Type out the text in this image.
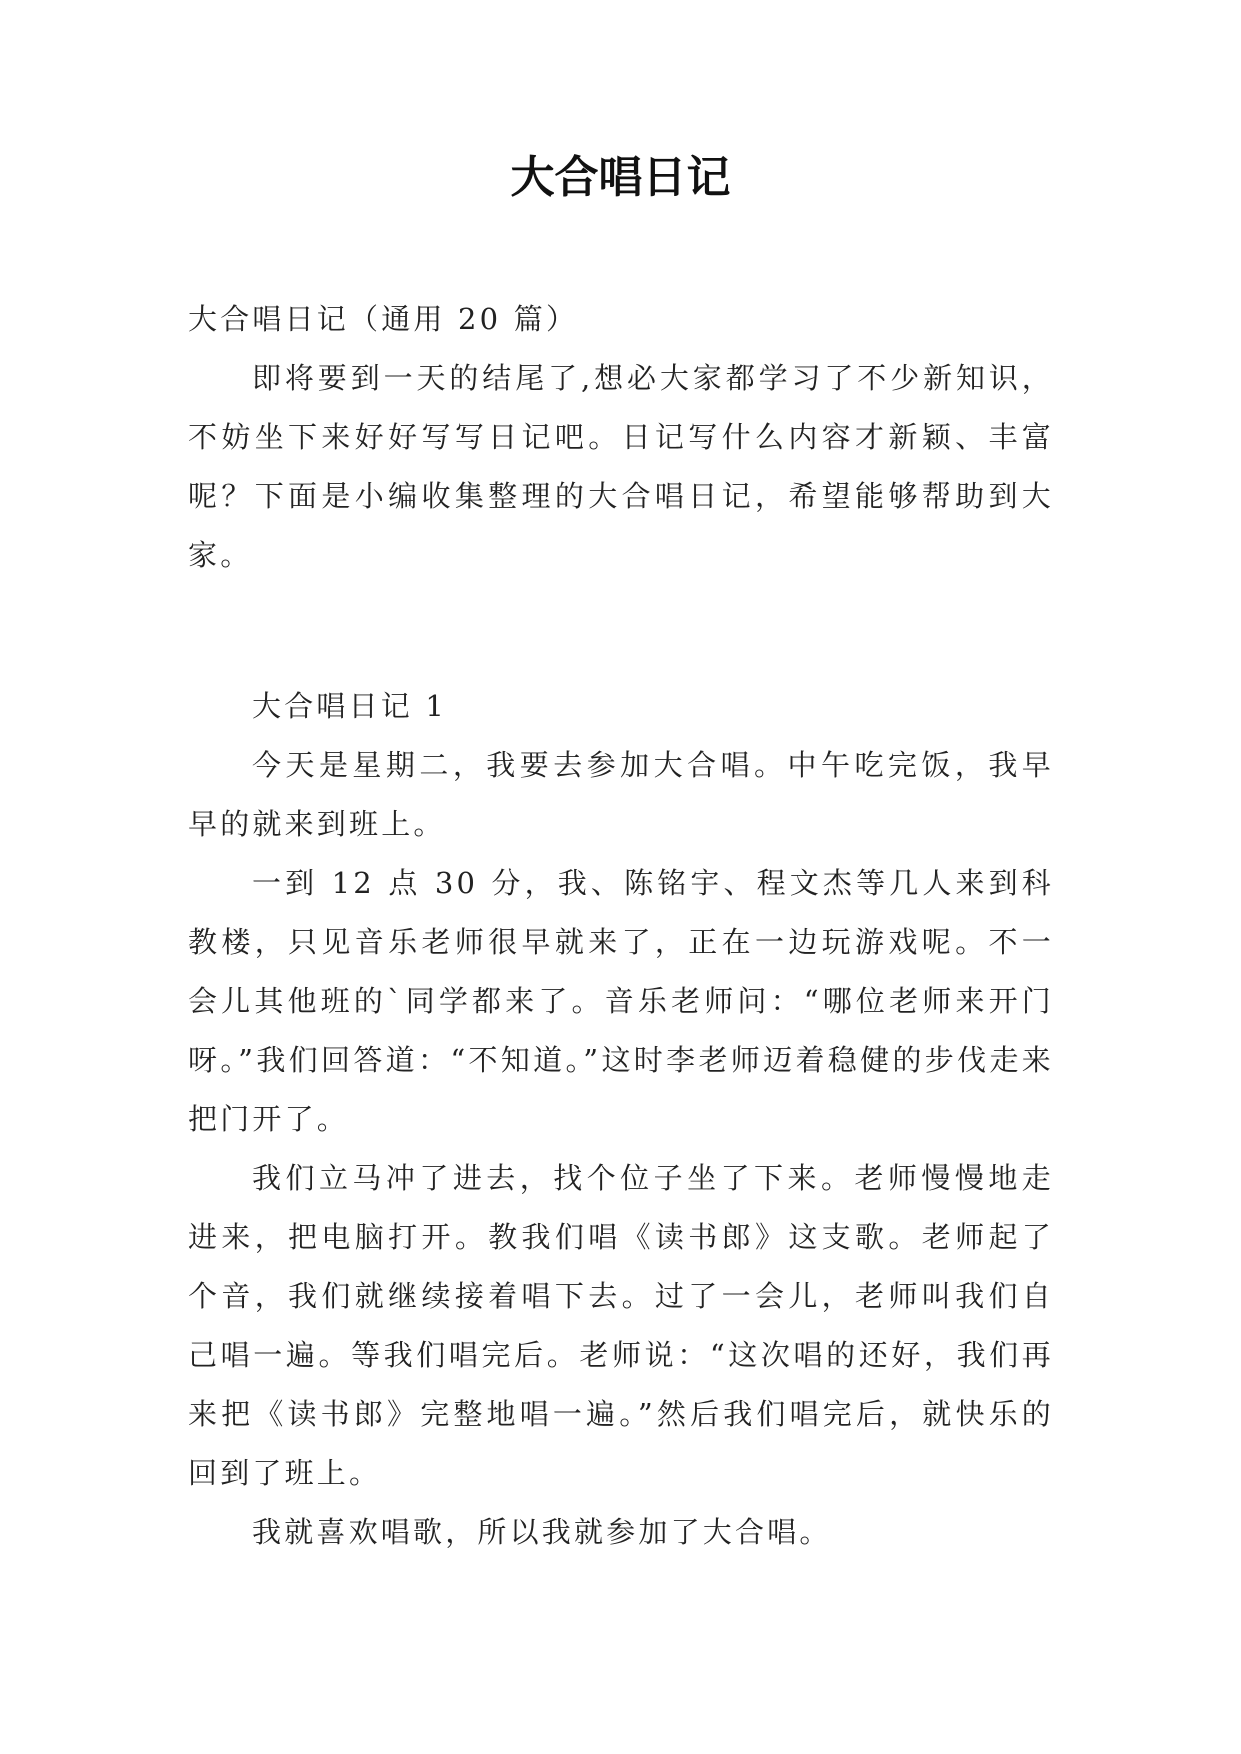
大合唱日记

大合唱日记（通用 20 篇）

即将要到一天的结尾了,想必大家都学习了不少新知识，不妨坐下来好好写写日记吧。日记写什么内容才新颖、丰富呢？下面是小编收集整理的大合唱日记，希望能够帮助到大家。

大合唱日记 1

今天是星期二，我要去参加大合唱。中午吃完饭，我早早的就来到班上。

一到 12 点 30 分，我、陈铭宇、程文杰等几人来到科教楼，只见音乐老师很早就来了，正在一边玩游戏呢。不一会儿其他班的`同学都来了。音乐老师问：“哪位老师来开门呀。”我们回答道：“不知道。”这时李老师迈着稳健的步伐走来把门开了。

我们立马冲了进去，找个位子坐了下来。老师慢慢地走进来，把电脑打开。教我们唱《读书郎》这支歌。老师起了个音，我们就继续接着唱下去。过了一会儿，老师叫我们自己唱一遍。等我们唱完后。老师说：“这次唱的还好，我们再来把《读书郎》完整地唱一遍。”然后我们唱完后，就快乐的回到了班上。

我就喜欢唱歌，所以我就参加了大合唱。
